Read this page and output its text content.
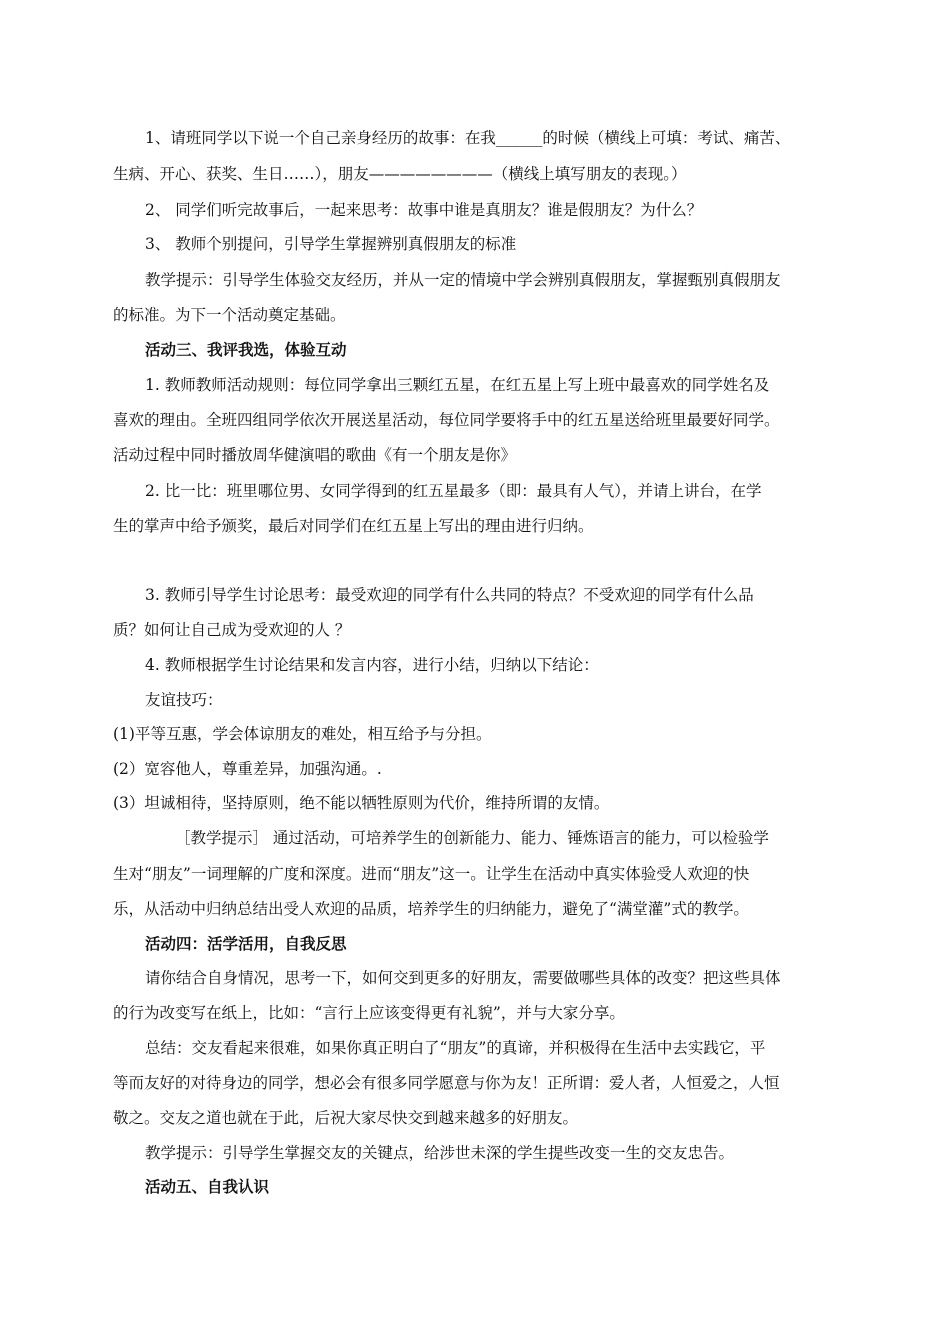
1、请班同学以下说一个自己亲身经历的故事：在我______的时候（横线上可填：考试、痛苦、
生病、开心、获奖、生日……），朋友————————（横线上填写朋友的表现。）
2、 同学们听完故事后，一起来思考：故事中谁是真朋友？谁是假朋友？为什么？
3、 教师个别提问，引导学生掌握辨别真假朋友的标准
教学提示：引导学生体验交友经历，并从一定的情境中学会辨别真假朋友，掌握甄别真假朋友
的标准。为下一个活动奠定基础。
活动三、我评我选，体验互动
1. 教师教师活动规则：每位同学拿出三颗红五星，在红五星上写上班中最喜欢的同学姓名及
喜欢的理由。全班四组同学依次开展送星活动，每位同学要将手中的红五星送给班里最要好同学。
活动过程中同时播放周华健演唱的歌曲《有一个朋友是你》
2. 比一比：班里哪位男、女同学得到的红五星最多（即：最具有人气），并请上讲台，在学
生的掌声中给予颁奖，最后对同学们在红五星上写出的理由进行归纳。
3. 教师引导学生讨论思考：最受欢迎的同学有什么共同的特点？不受欢迎的同学有什么品
质？如何让自己成为受欢迎的人 ？
4. 教师根据学生讨论结果和发言内容，进行小结，归纳以下结论：
友谊技巧：
(1)平等互惠，学会体谅朋友的难处，相互给予与分担。
(2）宽容他人，尊重差异，加强沟通。.
(3）坦诚相待，坚持原则，绝不能以牺牲原则为代价，维持所谓的友情。
［教学提示］ 通过活动，可培养学生的创新能力、能力、锤炼语言的能力，可以检验学
生对“朋友”一词理解的广度和深度。进而“朋友”这一。让学生在活动中真实体验受人欢迎的快
乐，从活动中归纳总结出受人欢迎的品质，培养学生的归纳能力，避免了“满堂灌”式的教学。
活动四：活学活用，自我反思
请你结合自身情况，思考一下，如何交到更多的好朋友，需要做哪些具体的改变？把这些具体
的行为改变写在纸上，比如：“言行上应该变得更有礼貌”，并与大家分享。
总结：交友看起来很难，如果你真正明白了“朋友”的真谛，并积极得在生活中去实践它，平
等而友好的对待身边的同学，想必会有很多同学愿意与你为友！正所谓：爱人者，人恒爱之，人恒
敬之。交友之道也就在于此，后祝大家尽快交到越来越多的好朋友。
教学提示：引导学生掌握交友的关键点，给涉世未深的学生提些改变一生的交友忠告。
活动五、自我认识
